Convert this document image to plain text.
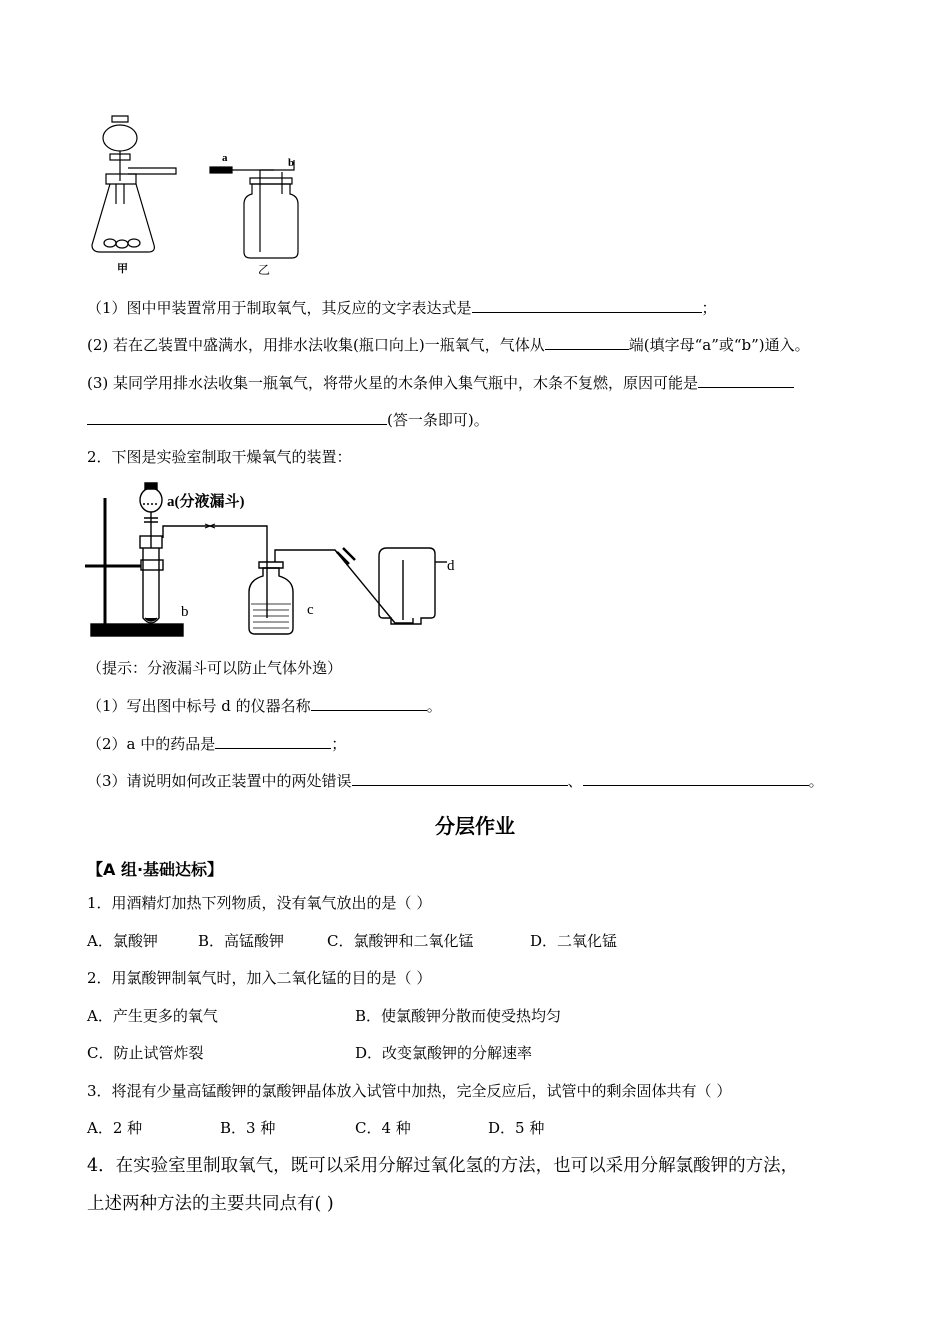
甲
a	b
乙
（1）图中甲装置常用于制取氧气，其反应的文字表达式是	；
(2) 若在乙装置中盛满水，用排水法收集(瓶口向上)一瓶氧气，气体从	端(填字母“a”或“b”)通入。
(3) 某同学用排水法收集一瓶氧气，将带火星的木条伸入集气瓶中，木条不复燃，原因可能是
(答一条即可)。
2．下图是实验室制取干燥氧气的装置：
a(分液漏斗)
b	c
d
（提示：分液漏斗可以防止气体外逸）
（1）写出图中标号 d 的仪器名称	。
（2）a 中的药品是	；
（3）请说明如何改正装置中的两处错误	、	。
分层作业
【A 组·基础达标】
1．用酒精灯加热下列物质，没有氧气放出的是（ ）
A．氯酸钾	B．高锰酸钾	C．氯酸钾和二氧化锰	D．二氧化锰
2．用氯酸钾制氧气时，加入二氧化锰的目的是（ ）
A．产生更多的氧气	B．使氯酸钾分散而使受热均匀
C．防止试管炸裂	D．改变氯酸钾的分解速率
3．将混有少量高锰酸钾的氯酸钾晶体放入试管中加热，完全反应后，试管中的剩余固体共有（ ）
A．2 种	B．3 种	C．4 种	D．5 种
4．在实验室里制取氧气，既可以采用分解过氧化氢的方法，也可以采用分解氯酸钾的方法，
上述两种方法的主要共同点有( )
